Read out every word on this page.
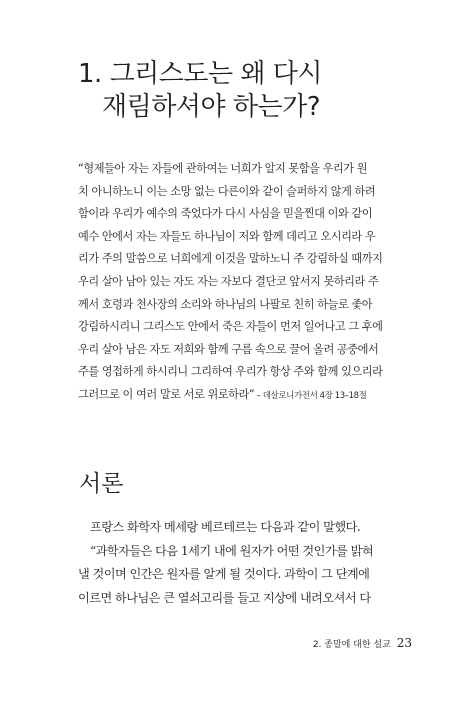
1. 그리스도는 왜 다시
재림하셔야 하는가?

“형제들아 자는 자들에 관하여는 너희가 알지 못함을 우리가 원
치 아니하노니 이는 소망 없는 다른이와 같이 슬퍼하지 않게 하려
함이라 우리가 예수의 죽었다가 다시 사심을 믿을찐대 이와 같이
예수 안에서 자는 자들도 하나님이 저와 함께 데리고 오시리라 우
리가 주의 말씀으로 너희에게 이것을 말하노니 주 강림하실 때까지
우리 살아 남아 있는 자도 자는 자보다 결단코 앞서지 못하리라 주
께서 호령과 천사장의 소리와 하나님의 나팔로 친히 하늘로 좇아
강림하시리니 그리스도 안에서 죽은 자들이 먼저 일어나고 그 후에
우리 살아 남은 자도 저희와 함께 구름 속으로 끌어 올려 공중에서
주를 영접하게 하시리니 그리하여 우리가 항상 주와 함께 있으리라
그러므로 이 여러 말로 서로 위로하라” – 데살로니가전서 4장 13–18절

서론

프랑스 화학자 메세랑 베르테르는 다음과 같이 말했다.
“과학자들은 다음 1세기 내에 원자가 어떤 것인가를 밝혀
낼 것이며 인간은 원자를 알게 될 것이다. 과학이 그 단계에
이르면 하나님은 큰 열쇠고리를 들고 지상에 내려오셔서 다

2. 종말에 대한 설교 23
